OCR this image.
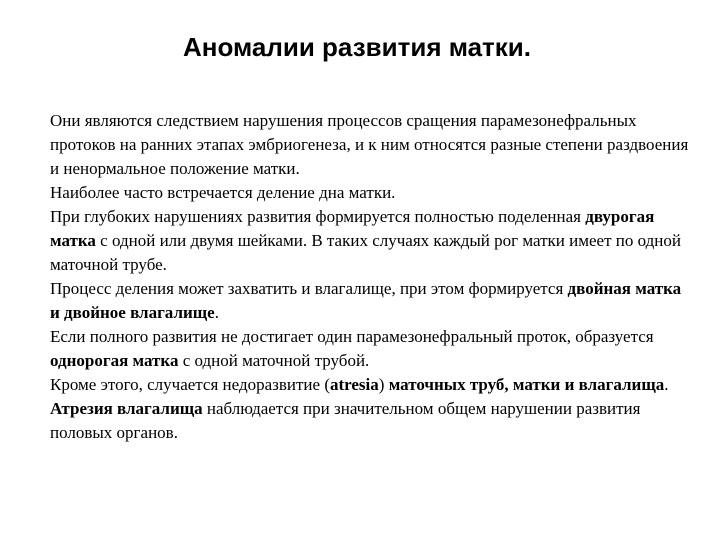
Аномалии развития матки.

Они являются следствием нарушения процессов сращения парамезонефральных протоков на ранних этапах эмбриогенеза, и к ним относятся разные степени раздвоения и ненормальное положение матки.

Наиболее часто встречается деление дна матки.

При глубоких нарушениях развития формируется полностью поделенная двурогая матка с одной или двумя шейками. В таких случаях каждый рог матки имеет по одной маточной трубе.

Процесс деления может захватить и влагалище, при этом формируется двойная матка и двойное влагалище.

Если полного развития не достигает один парамезонефральный проток, образуется однорогая матка с одной маточной трубой.

Кроме этого, случается недоразвитие (atresia) маточных труб, матки и влагалища.

Атрезия влагалища наблюдается при значительном общем нарушении развития половых органов.
